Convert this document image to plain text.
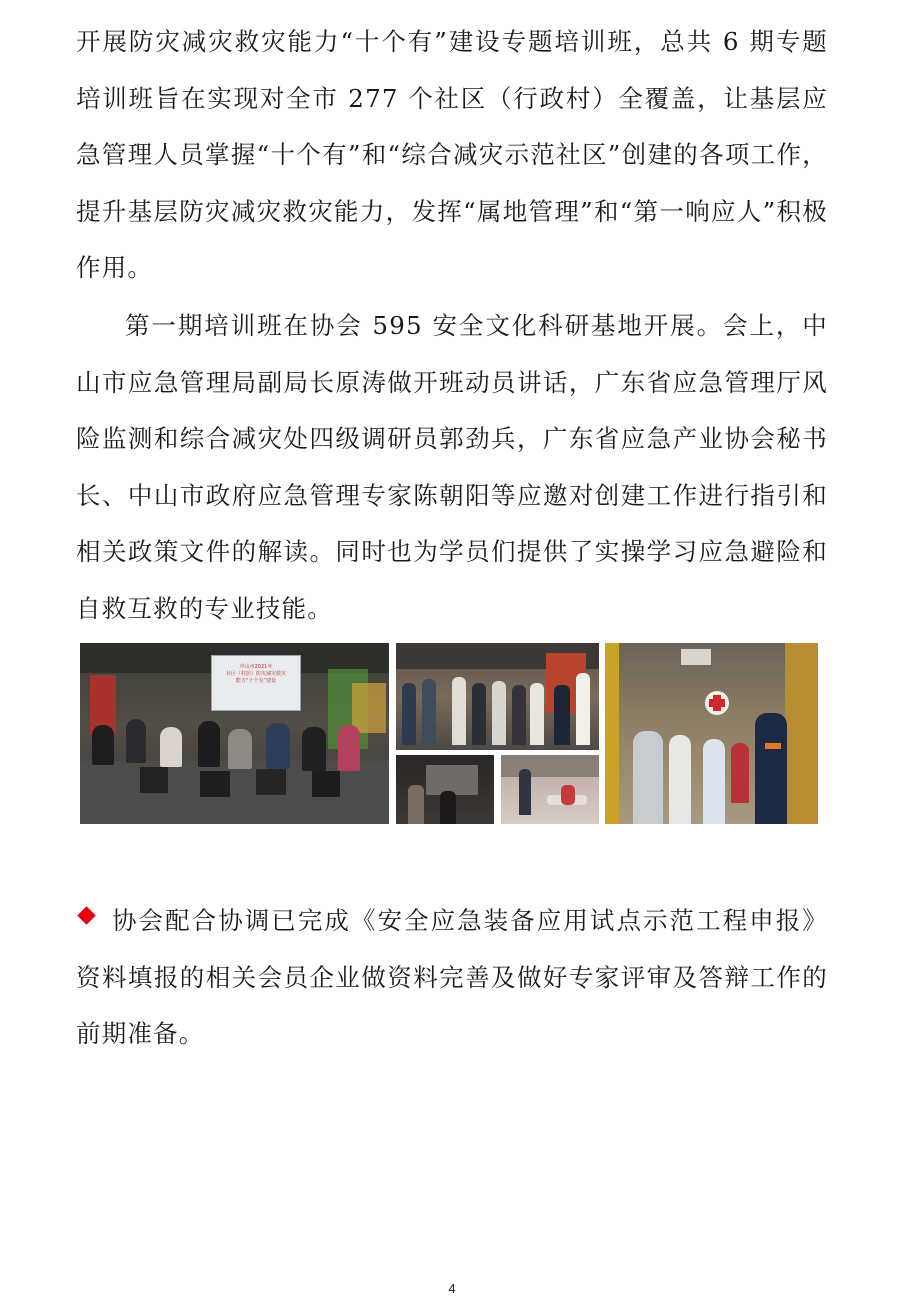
开展防灾减灾救灾能力“十个有”建设专题培训班，总共 6 期专题培训班旨在实现对全市 277 个社区（行政村）全覆盖，让基层应急管理人员掌握“十个有”和“综合减灾示范社区”创建的各项工作，提升基层防灾减灾救灾能力，发挥“属地管理”和“第一响应人”积极作用。

第一期培训班在协会 595 安全文化科研基地开展。会上，中山市应急管理局副局长原涛做开班动员讲话，广东省应急管理厅风险监测和综合减灾处四级调研员郭劲兵，广东省应急产业协会秘书长、中山市政府应急管理专家陈朝阳等应邀对创建工作进行指引和相关政策文件的解读。同时也为学员们提供了实操学习应急避险和自救互救的专业技能。

中山市2021年
社区（村居）防灾减灾救灾
能力“十个有”建设

协会配合协调已完成《安全应急装备应用试点示范工程申报》资料填报的相关会员企业做资料完善及做好专家评审及答辩工作的前期准备。

4
